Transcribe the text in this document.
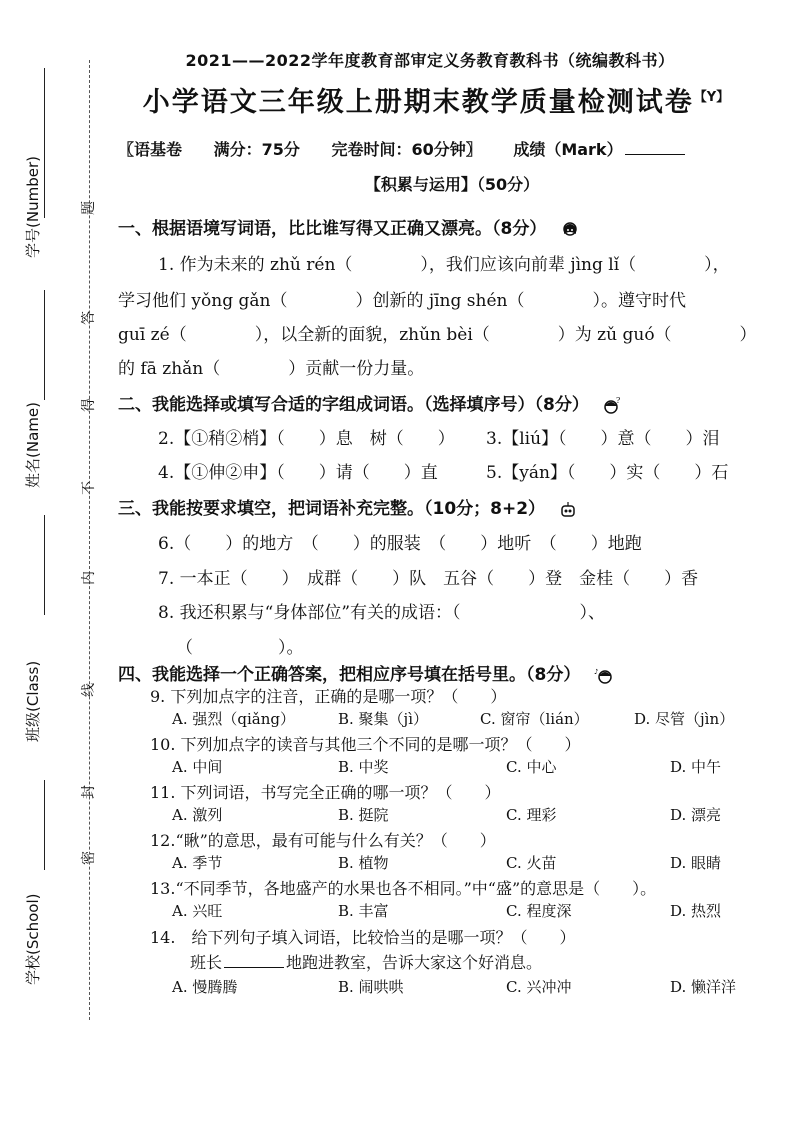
学号(Number)
姓名(Name)
班级(Class)
学校(School)
题
答
得
不
内
线
封
密
2021——2022学年度教育部审定义务教育教科书（统编教科书）
小学语文三年级上册期末教学质量检测试卷$^{【Y】}$
〖语基卷 满分：75分 完卷时间：60分钟〗 成绩（Mark）
【积累与运用】（50分）
一、根据语境写词语，比比谁写得又正确又漂亮。（8分）
1. 作为未来的 zhǔ rén（　　　　），我们应该向前辈 jìng lǐ（　　　　），
学习他们 yǒng gǎn（　　　　）创新的 jīng shén（　　　　）。遵守时代
guī zé（　　　　），以全新的面貌，zhǔn bèi（　　　　）为 zǔ guó（　　　　）
的 fā zhǎn（　　　　）贡献一份力量。
二、我能选择或填写合适的字组成词语。（选择填序号）（8分）	?
2.【①稍②梢】（　　）息　树（　　） 3.【liú】（　　）意（　　）泪
4.【①伸②申】（　　）请（　　）直	5.【yán】（　　）实（　　）石
三、我能按要求填空，把词语补充完整。（10分；8+2）
6.（　　）的地方　（　　）的服装　（　　）地听　（　　）地跑
7. 一本正（　　）　成群（　　）队　五谷（　　）登　金桂（　　）香
8. 我还积累与“身体部位”有关的成语：（　　　　　　　）、
（　　　　　）。
四、我能选择一个正确答案，把相应序号填在括号里。（8分） ♪
9. 下列加点字的注音，正确的是哪一项？（　　）
A. 强烈（qiǎng）	B. 聚集（jì）	C. 窗帘（lián）	D. 尽管（jìn）
10. 下列加点字的读音与其他三个不同的是哪一项？（　　）
A. 中间	B. 中奖	C. 中心	D. 中午
11. 下列词语，书写完全正确的哪一项？（　　）
A. 激列	B. 挺院	C. 理彩	D. 漂亮
12.“瞅”的意思，最有可能与什么有关？（　　）
A. 季节	B. 植物	C. 火苗	D. 眼睛
13.“不同季节，各地盛产的水果也各不相同。”中“盛”的意思是（　　）。
A. 兴旺	B. 丰富	C. 程度深	D. 热烈
14.　给下列句子填入词语，比较恰当的是哪一项？（　　）
班长	地跑进教室，告诉大家这个好消息。
A. 慢腾腾	B. 闹哄哄	C. 兴冲冲	D. 懒洋洋
